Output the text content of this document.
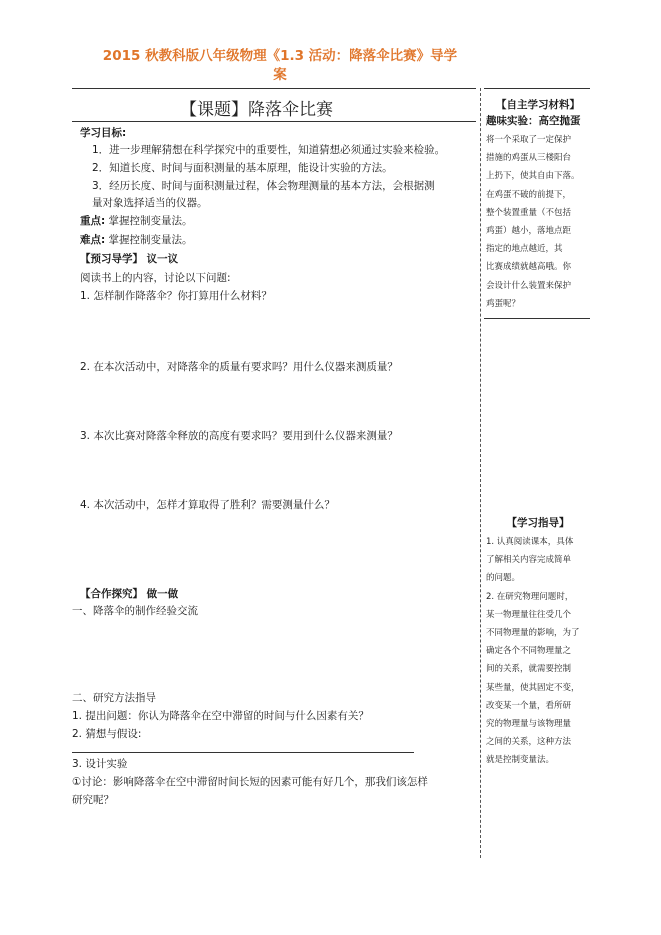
2015 秋教科版八年级物理《1.3 活动：降落伞比赛》导学
案
【课题】降落伞比赛
学习目标:
1．进一步理解猜想在科学探究中的重要性，知道猜想必须通过实验来检验。
2．知道长度、时间与面积测量的基本原理，能设计实验的方法。
3．经历长度、时间与面积测量过程，体会物理测量的基本方法，会根据测
量对象选择适当的仪器。
重点: 掌握控制变量法。
难点: 掌握控制变量法。
【预习导学】 议一议
阅读书上的内容，讨论以下问题:
1. 怎样制作降落伞？你打算用什么材料？
2. 在本次活动中，对降落伞的质量有要求吗？用什么仪器来测质量？
3. 本次比赛对降落伞释放的高度有要求吗？要用到什么仪器来测量？
4. 本次活动中，怎样才算取得了胜利？需要测量什么？
【合作探究】 做一做
一、降落伞的制作经验交流
二、研究方法指导
1. 提出问题：你认为降落伞在空中滞留的时间与什么因素有关？
2. 猜想与假设:
3. 设计实验
①讨论：影响降落伞在空中滞留时间长短的因素可能有好几个，那我们该怎样
研究呢？
【自主学习材料】
趣味实验：高空抛蛋
将一个采取了一定保护
措施的鸡蛋从三楼阳台
上扔下，使其自由下落。
在鸡蛋不破的前提下，
整个装置重量（不包括
鸡蛋）越小，落地点距
指定的地点越近，其
比赛成绩就越高哦。你
会设计什么装置来保护
鸡蛋呢？
【学习指导】
1. 认真阅读课本，具体
了解相关内容完成简单
的问题。
2. 在研究物理问题时，
某一物理量往往受几个
不同物理量的影响，为了
确定各个不同物理量之
间的关系，就需要控制
某些量，使其固定不变，
改变某一个量，看所研
究的物理量与该物理量
之间的关系，这种方法
就是控制变量法。
